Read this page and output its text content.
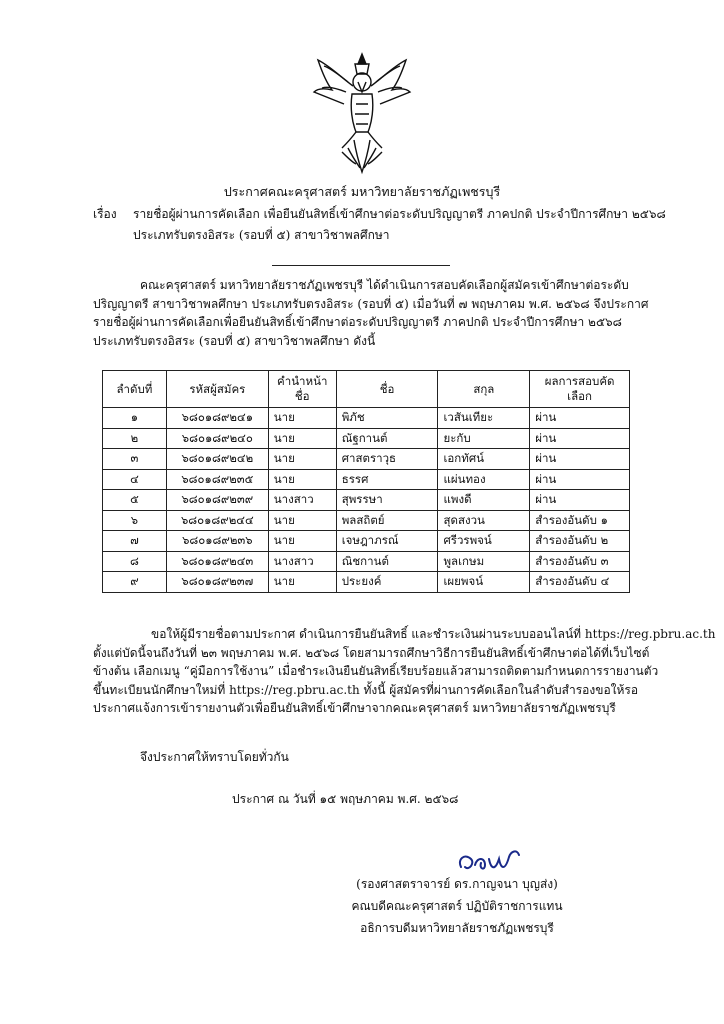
ประกาศคณะครุศาสตร์ มหาวิทยาลัยราชภัฏเพชรบุรี
เรื่อง รายชื่อผู้ผ่านการคัดเลือก เพื่อยืนยันสิทธิ์เข้าศึกษาต่อระดับปริญญาตรี ภาคปกติ ประจำปีการศึกษา ๒๕๖๘
ประเภทรับตรงอิสระ (รอบที่ ๕) สาขาวิชาพลศึกษา
คณะครุศาสตร์ มหาวิทยาลัยราชภัฏเพชรบุรี ได้ดำเนินการสอบคัดเลือกผู้สมัครเข้าศึกษาต่อระดับ
ปริญญาตรี สาขาวิชาพลศึกษา ประเภทรับตรงอิสระ (รอบที่ ๕) เมื่อวันที่ ๗ พฤษภาคม พ.ศ. ๒๕๖๘ จึงประกาศ
รายชื่อผู้ผ่านการคัดเลือกเพื่อยืนยันสิทธิ์เข้าศึกษาต่อระดับปริญญาตรี ภาคปกติ ประจำปีการศึกษา ๒๕๖๘
ประเภทรับตรงอิสระ (รอบที่ ๕) สาขาวิชาพลศึกษา ดังนี้
ลำดับที่	รหัสผู้สมัคร	คำนำหน้าชื่อ	ชื่อ	สกุล	ผลการสอบคัดเลือก
๑	๖๘๐๑๘๙๒๔๑	นาย	พิภัช	เวสันเทียะ	ผ่าน
๒	๖๘๐๑๘๙๒๔๐	นาย	ณัฐกานต์	ยะกับ	ผ่าน
๓	๖๘๐๑๘๙๒๔๒	นาย	ศาสตราวุธ	เอกทัศน์	ผ่าน
๔	๖๘๐๑๘๙๒๓๕	นาย	ธรรศ	แผ่นทอง	ผ่าน
๕	๖๘๐๑๘๙๒๓๙	นางสาว	สุพรรษา	แพงดี	ผ่าน
๖	๖๘๐๑๘๙๒๔๔	นาย	พลสถิตย์	สุดสงวน	สำรองอันดับ ๑
๗	๖๘๐๑๘๙๒๓๖	นาย	เจษฎาภรณ์	ศรีวรพจน์	สำรองอันดับ ๒
๘	๖๘๐๑๘๙๒๔๓	นางสาว	ณิชกานต์	พูลเกษม	สำรองอันดับ ๓
๙	๖๘๐๑๘๙๒๓๗	นาย	ประยงค์	เผยพจน์	สำรองอันดับ ๔
ขอให้ผู้มีรายชื่อตามประกาศ ดำเนินการยืนยันสิทธิ์ และชำระเงินผ่านระบบออนไลน์ที่ https://reg.pbru.ac.th
ตั้งแต่บัดนี้จนถึงวันที่ ๒๓ พฤษภาคม พ.ศ. ๒๕๖๘ โดยสามารถศึกษาวิธีการยืนยันสิทธิ์เข้าศึกษาต่อได้ที่เว็บไซต์
ข้างต้น เลือกเมนู “คู่มือการใช้งาน” เมื่อชำระเงินยืนยันสิทธิ์เรียบร้อยแล้วสามารถติดตามกำหนดการรายงานตัว
ขึ้นทะเบียนนักศึกษาใหม่ที่ https://reg.pbru.ac.th ทั้งนี้ ผู้สมัครที่ผ่านการคัดเลือกในลำดับสำรองขอให้รอ
ประกาศแจ้งการเข้ารายงานตัวเพื่อยืนยันสิทธิ์เข้าศึกษาจากคณะครุศาสตร์ มหาวิทยาลัยราชภัฏเพชรบุรี
จึงประกาศให้ทราบโดยทั่วกัน
ประกาศ ณ วันที่ ๑๕ พฤษภาคม พ.ศ. ๒๕๖๘
(รองศาสตราจารย์ ดร.กาญจนา บุญส่ง)
คณบดีคณะครุศาสตร์ ปฏิบัติราชการแทน
อธิการบดีมหาวิทยาลัยราชภัฏเพชรบุรี
